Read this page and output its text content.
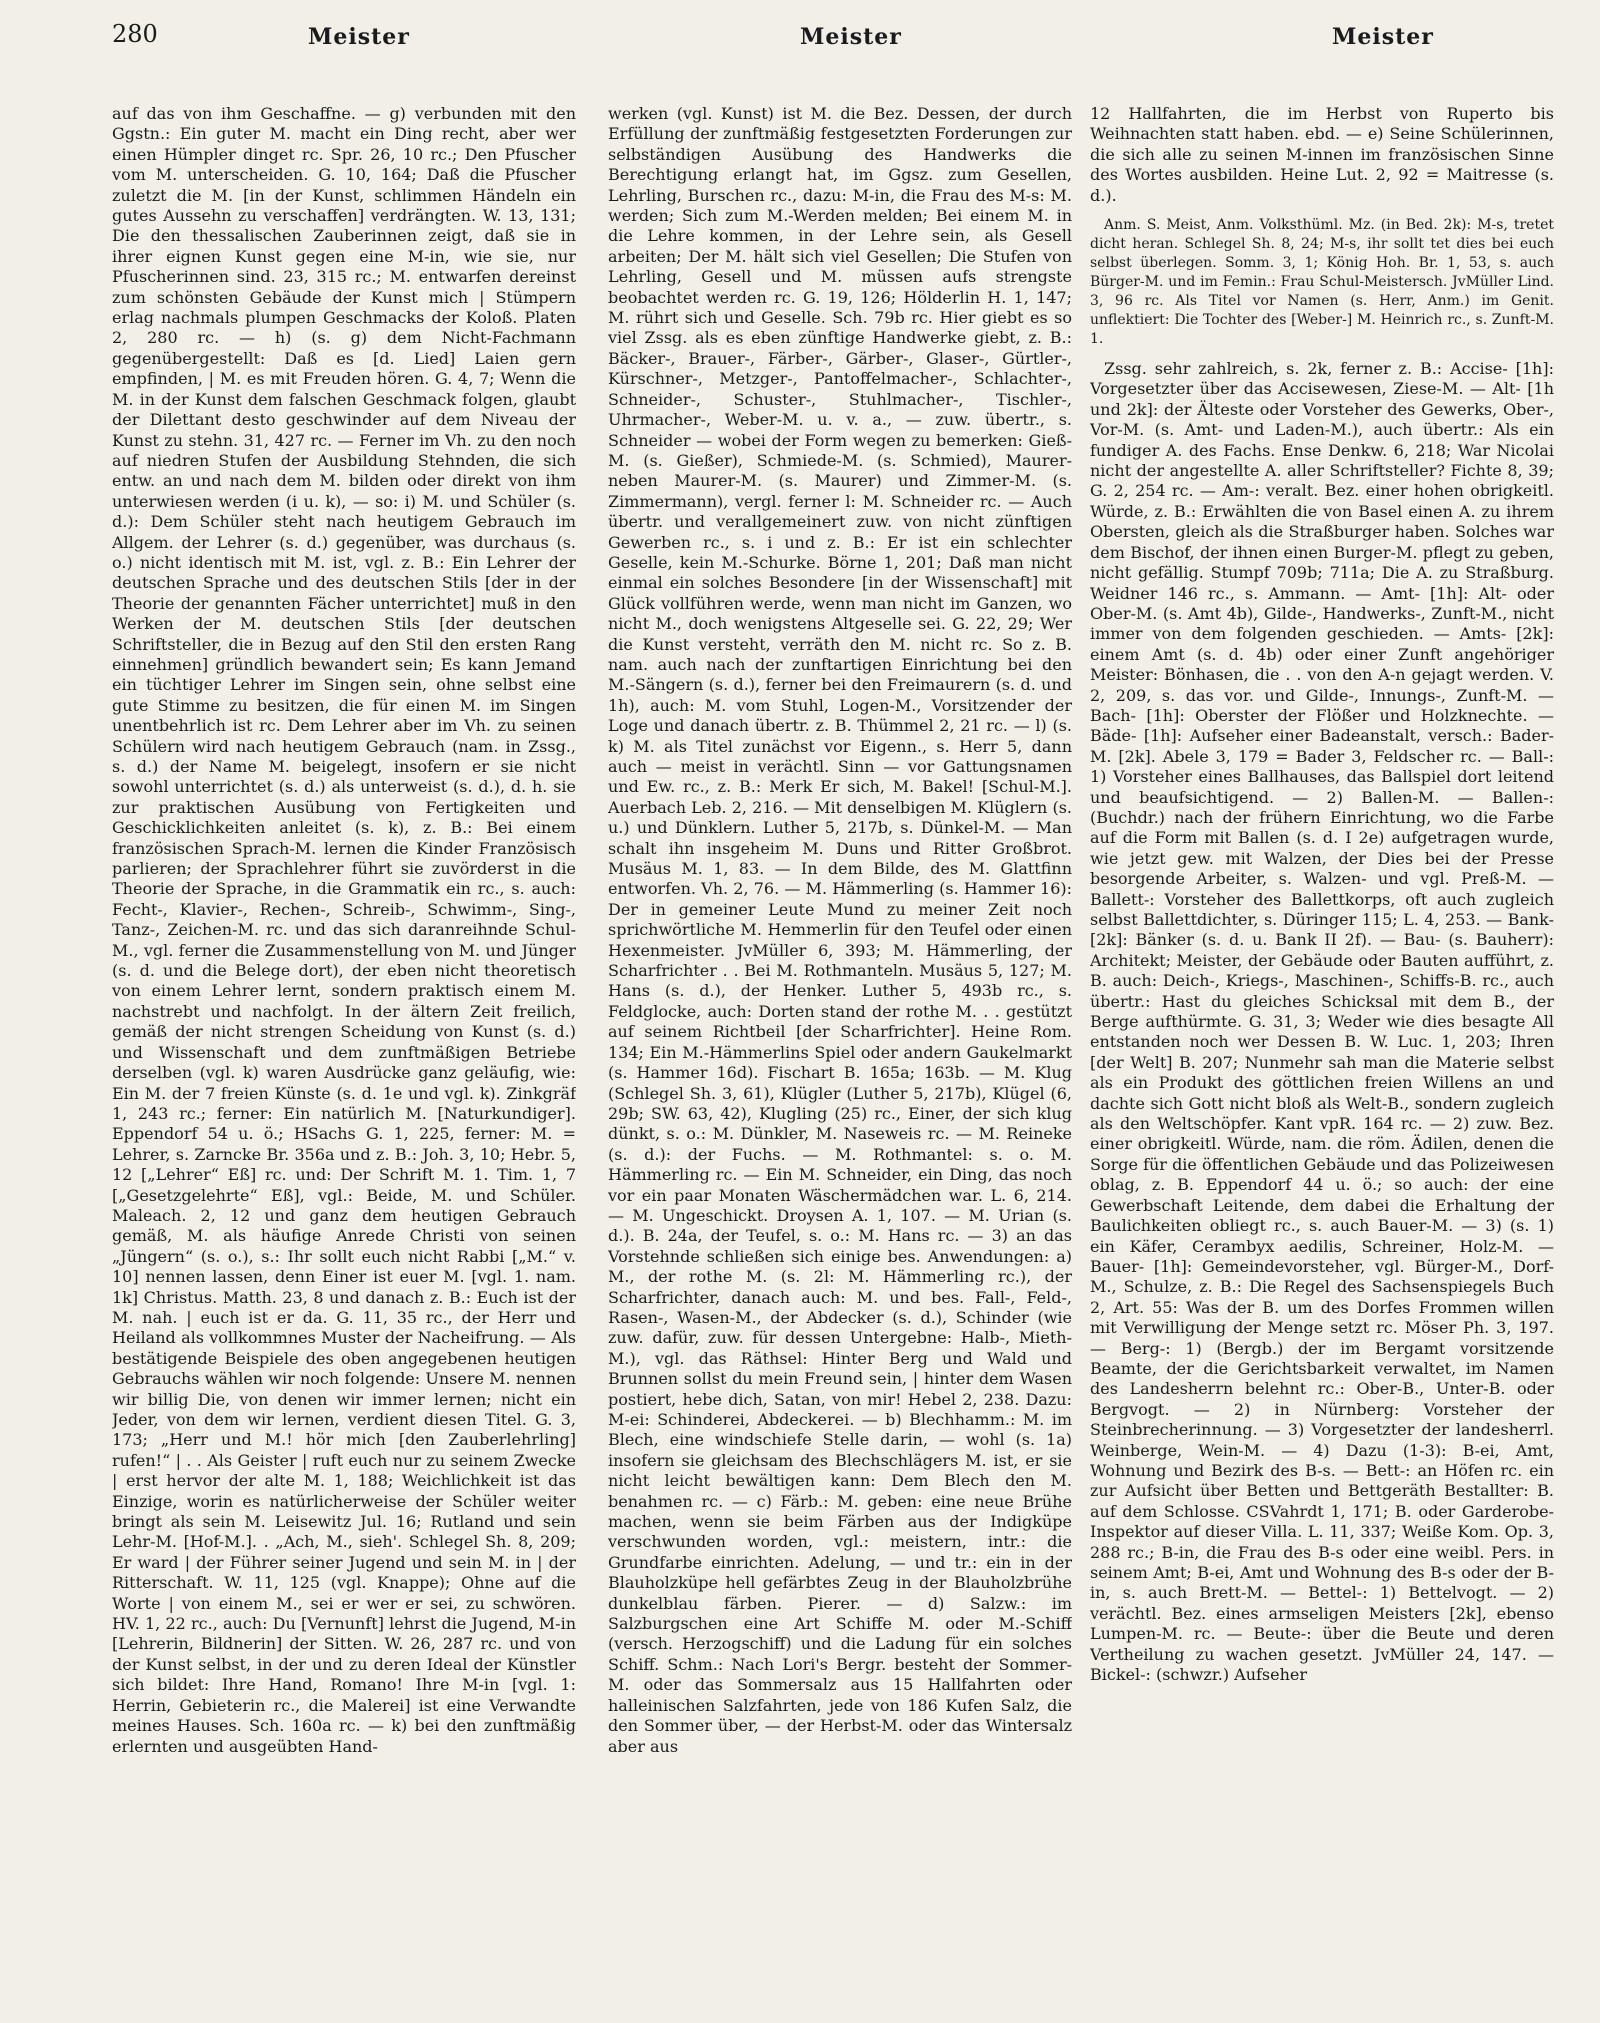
280	Meister	Meister	Meister

auf das von ihm Geschaffne. — g) verbunden mit den Ggstn.: Ein guter M. macht ein Ding recht, aber wer einen Hümpler dinget rc. Spr. 26, 10 rc.; Den Pfuscher vom M. unterscheiden. G. 10, 164; Daß die Pfuscher zuletzt die M. [in der Kunst, schlimmen Händeln ein gutes Aussehn zu verschaffen] verdrängten. W. 13, 131; Die den thessalischen Zauberinnen zeigt, daß sie in ihrer eignen Kunst gegen eine M-in, wie sie, nur Pfuscherinnen sind. 23, 315 rc.; M. entwarfen dereinst zum schönsten Gebäude der Kunst mich | Stümpern erlag nachmals plumpen Geschmacks der Koloß. Platen 2, 280 rc. — h) (s. g) dem Nicht-Fachmann gegenübergestellt: Daß es [d. Lied] Laien gern empfinden, | M. es mit Freuden hören. G. 4, 7; Wenn die M. in der Kunst dem falschen Geschmack folgen, glaubt der Dilettant desto geschwinder auf dem Niveau der Kunst zu stehn. 31, 427 rc. — Ferner im Vh. zu den noch auf niedren Stufen der Ausbildung Stehnden, die sich entw. an und nach dem M. bilden oder direkt von ihm unterwiesen werden (i u. k), — so: i) M. und Schüler (s. d.): Dem Schüler steht nach heutigem Gebrauch im Allgem. der Lehrer (s. d.) gegenüber, was durchaus (s. o.) nicht identisch mit M. ist, vgl. z. B.: Ein Lehrer der deutschen Sprache und des deutschen Stils [der in der Theorie der genannten Fächer unterrichtet] muß in den Werken der M. deutschen Stils [der deutschen Schriftsteller, die in Bezug auf den Stil den ersten Rang einnehmen] gründlich bewandert sein; Es kann Jemand ein tüchtiger Lehrer im Singen sein, ohne selbst eine gute Stimme zu besitzen, die für einen M. im Singen unentbehrlich ist rc. Dem Lehrer aber im Vh. zu seinen Schülern wird nach heutigem Gebrauch (nam. in Zssg., s. d.) der Name M. beigelegt, insofern er sie nicht sowohl unterrichtet (s. d.) als unterweist (s. d.), d. h. sie zur praktischen Ausübung von Fertigkeiten und Geschicklichkeiten anleitet (s. k), z. B.: Bei einem französischen Sprach-M. lernen die Kinder Französisch parlieren; der Sprachlehrer führt sie zuvörderst in die Theorie der Sprache, in die Grammatik ein rc., s. auch: Fecht-, Klavier-, Rechen-, Schreib-, Schwimm-, Sing-, Tanz-, Zeichen-M. rc. und das sich daranreihnde Schul-M., vgl. ferner die Zusammenstellung von M. und Jünger (s. d. und die Belege dort), der eben nicht theoretisch von einem Lehrer lernt, sondern praktisch einem M. nachstrebt und nachfolgt. In der ältern Zeit freilich, gemäß der nicht strengen Scheidung von Kunst (s. d.) und Wissenschaft und dem zunftmäßigen Betriebe derselben (vgl. k) waren Ausdrücke ganz geläufig, wie: Ein M. der 7 freien Künste (s. d. 1e und vgl. k). Zinkgräf 1, 243 rc.; ferner: Ein natürlich M. [Naturkundiger]. Eppendorf 54 u. ö.; HSachs G. 1, 225, ferner: M. = Lehrer, s. Zarncke Br. 356a und z. B.: Joh. 3, 10; Hebr. 5, 12 [„Lehrer“ Eß] rc. und: Der Schrift M. 1. Tim. 1, 7 [„Gesetzgelehrte“ Eß], vgl.: Beide, M. und Schüler. Maleach. 2, 12 und ganz dem heutigen Gebrauch gemäß, M. als häufige Anrede Christi von seinen „Jüngern“ (s. o.), s.: Ihr sollt euch nicht Rabbi [„M.“ v. 10] nennen lassen, denn Einer ist euer M. [vgl. 1. nam. 1k] Christus. Matth. 23, 8 und danach z. B.: Euch ist der M. nah. | euch ist er da. G. 11, 35 rc., der Herr und Heiland als vollkommnes Muster der Nacheifrung. — Als bestätigende Beispiele des oben angegebenen heutigen Gebrauchs wählen wir noch folgende: Unsere M. nennen wir billig Die, von denen wir immer lernen; nicht ein Jeder, von dem wir lernen, verdient diesen Titel. G. 3, 173; „Herr und M.! hör mich [den Zauberlehrling] rufen!“ | . . Als Geister | ruft euch nur zu seinem Zwecke | erst hervor der alte M. 1, 188; Weichlichkeit ist das Einzige, worin es natürlicherweise der Schüler weiter bringt als sein M. Leisewitz Jul. 16; Rutland und sein Lehr-M. [Hof-M.]. . „Ach, M., sieh'. Schlegel Sh. 8, 209; Er ward | der Führer seiner Jugend und sein M. in | der Ritterschaft. W. 11, 125 (vgl. Knappe); Ohne auf die Worte | von einem M., sei er wer er sei, zu schwören. HV. 1, 22 rc., auch: Du [Vernunft] lehrst die Jugend, M-in [Lehrerin, Bildnerin] der Sitten. W. 26, 287 rc. und von der Kunst selbst, in der und zu deren Ideal der Künstler sich bildet: Ihre Hand, Romano! Ihre M-in [vgl. 1: Herrin, Gebieterin rc., die Malerei] ist eine Verwandte meines Hauses. Sch. 160a rc. — k) bei den zunftmäßig erlernten und ausgeübten Hand-

werken (vgl. Kunst) ist M. die Bez. Dessen, der durch Erfüllung der zunftmäßig festgesetzten Forderungen zur selbständigen Ausübung des Handwerks die Berechtigung erlangt hat, im Ggsz. zum Gesellen, Lehrling, Burschen rc., dazu: M-in, die Frau des M-s: M. werden; Sich zum M.-Werden melden; Bei einem M. in die Lehre kommen, in der Lehre sein, als Gesell arbeiten; Der M. hält sich viel Gesellen; Die Stufen von Lehrling, Gesell und M. müssen aufs strengste beobachtet werden rc. G. 19, 126; Hölderlin H. 1, 147; M. rührt sich und Geselle. Sch. 79b rc. Hier giebt es so viel Zssg. als es eben zünftige Handwerke giebt, z. B.: Bäcker-, Brauer-, Färber-, Gärber-, Glaser-, Gürtler-, Kürschner-, Metzger-, Pantoffelmacher-, Schlachter-, Schneider-, Schuster-, Stuhlmacher-, Tischler-, Uhrmacher-, Weber-M. u. v. a., — zuw. übertr., s. Schneider — wobei der Form wegen zu bemerken: Gieß-M. (s. Gießer), Schmiede-M. (s. Schmied), Maurer- neben Maurer-M. (s. Maurer) und Zimmer-M. (s. Zimmermann), vergl. ferner l: M. Schneider rc. — Auch übertr. und verallgemeinert zuw. von nicht zünftigen Gewerben rc., s. i und z. B.: Er ist ein schlechter Geselle, kein M.-Schurke. Börne 1, 201; Daß man nicht einmal ein solches Besondere [in der Wissenschaft] mit Glück vollführen werde, wenn man nicht im Ganzen, wo nicht M., doch wenigstens Altgeselle sei. G. 22, 29; Wer die Kunst versteht, verräth den M. nicht rc. So z. B. nam. auch nach der zunftartigen Einrichtung bei den M.-Sängern (s. d.), ferner bei den Freimaurern (s. d. und 1h), auch: M. vom Stuhl, Logen-M., Vorsitzender der Loge und danach übertr. z. B. Thümmel 2, 21 rc. — l) (s. k) M. als Titel zunächst vor Eigenn., s. Herr 5, dann auch — meist in verächtl. Sinn — vor Gattungsnamen und Ew. rc., z. B.: Merk Er sich, M. Bakel! [Schul-M.]. Auerbach Leb. 2, 216. — Mit denselbigen M. Klüglern (s. u.) und Dünklern. Luther 5, 217b, s. Dünkel-M. — Man schalt ihn insgeheim M. Duns und Ritter Großbrot. Musäus M. 1, 83. — In dem Bilde, des M. Glattfinn entworfen. Vh. 2, 76. — M. Hämmerling (s. Hammer 16): Der in gemeiner Leute Mund zu meiner Zeit noch sprichwörtliche M. Hemmerlin für den Teufel oder einen Hexenmeister. JvMüller 6, 393; M. Hämmerling, der Scharfrichter . . Bei M. Rothmanteln. Musäus 5, 127; M. Hans (s. d.), der Henker. Luther 5, 493b rc., s. Feldglocke, auch: Dorten stand der rothe M. . . gestützt auf seinem Richtbeil [der Scharfrichter]. Heine Rom. 134; Ein M.-Hämmerlins Spiel oder andern Gaukelmarkt (s. Hammer 16d). Fischart B. 165a; 163b. — M. Klug (Schlegel Sh. 3, 61), Klügler (Luther 5, 217b), Klügel (6, 29b; SW. 63, 42), Klugling (25) rc., Einer, der sich klug dünkt, s. o.: M. Dünkler, M. Naseweis rc. — M. Reineke (s. d.): der Fuchs. — M. Rothmantel: s. o. M. Hämmerling rc. — Ein M. Schneider, ein Ding, das noch vor ein paar Monaten Wäschermädchen war. L. 6, 214. — M. Ungeschickt. Droysen A. 1, 107. — M. Urian (s. d.). B. 24a, der Teufel, s. o.: M. Hans rc. — 3) an das Vorstehnde schließen sich einige bes. Anwendungen: a) M., der rothe M. (s. 2l: M. Hämmerling rc.), der Scharfrichter, danach auch: M. und bes. Fall-, Feld-, Rasen-, Wasen-M., der Abdecker (s. d.), Schinder (wie zuw. dafür, zuw. für dessen Untergebne: Halb-, Mieth-M.), vgl. das Räthsel: Hinter Berg und Wald und Brunnen sollst du mein Freund sein, | hinter dem Wasen postiert, hebe dich, Satan, von mir! Hebel 2, 238. Dazu: M-ei: Schinderei, Abdeckerei. — b) Blechhamm.: M. im Blech, eine windschiefe Stelle darin, — wohl (s. 1a) insofern sie gleichsam des Blechschlägers M. ist, er sie nicht leicht bewältigen kann: Dem Blech den M. benahmen rc. — c) Färb.: M. geben: eine neue Brühe machen, wenn sie beim Färben aus der Indigküpe verschwunden worden, vgl.: meistern, intr.: die Grundfarbe einrichten. Adelung, — und tr.: ein in der Blauholzküpe hell gefärbtes Zeug in der Blauholzbrühe dunkelblau färben. Pierer. — d) Salzw.: im Salzburgschen eine Art Schiffe M. oder M.-Schiff (versch. Herzogschiff) und die Ladung für ein solches Schiff. Schm.: Nach Lori's Bergr. besteht der Sommer-M. oder das Sommersalz aus 15 Hallfahrten oder halleinischen Salzfahrten, jede von 186 Kufen Salz, die den Sommer über, — der Herbst-M. oder das Wintersalz aber aus

12 Hallfahrten, die im Herbst von Ruperto bis Weihnachten statt haben. ebd. — e) Seine Schülerinnen, die sich alle zu seinen M-innen im französischen Sinne des Wortes ausbilden. Heine Lut. 2, 92 = Maitresse (s. d.).

Anm. S. Meist, Anm. Volksthüml. Mz. (in Bed. 2k): M-s, tretet dicht heran. Schlegel Sh. 8, 24; M-s, ihr sollt tet dies bei euch selbst überlegen. Somm. 3, 1; König Hoh. Br. 1, 53, s. auch Bürger-M. und im Femin.: Frau Schul-Meistersch. JvMüller Lind. 3, 96 rc. Als Titel vor Namen (s. Herr, Anm.) im Genit. unflektiert: Die Tochter des [Weber-] M. Heinrich rc., s. Zunft-M. 1.

Zssg. sehr zahlreich, s. 2k, ferner z. B.: Accise- [1h]: Vorgesetzter über das Accisewesen, Ziese-M. — Alt- [1h und 2k]: der Älteste oder Vorsteher des Gewerks, Ober-, Vor-M. (s. Amt- und Laden-M.), auch übertr.: Als ein fundiger A. des Fachs. Ense Denkw. 6, 218; War Nicolai nicht der angestellte A. aller Schriftsteller? Fichte 8, 39; G. 2, 254 rc. — Am-: veralt. Bez. einer hohen obrigkeitl. Würde, z. B.: Erwählten die von Basel einen A. zu ihrem Obersten, gleich als die Straßburger haben. Solches war dem Bischof, der ihnen einen Burger-M. pflegt zu geben, nicht gefällig. Stumpf 709b; 711a; Die A. zu Straßburg. Weidner 146 rc., s. Ammann. — Amt- [1h]: Alt- oder Ober-M. (s. Amt 4b), Gilde-, Handwerks-, Zunft-M., nicht immer von dem folgenden geschieden. — Amts- [2k]: einem Amt (s. d. 4b) oder einer Zunft angehöriger Meister: Bönhasen, die . . von den A-n gejagt werden. V. 2, 209, s. das vor. und Gilde-, Innungs-, Zunft-M. — Bach- [1h]: Oberster der Flößer und Holzknechte. — Bäde- [1h]: Aufseher einer Badeanstalt, versch.: Bader-M. [2k]. Abele 3, 179 = Bader 3, Feldscher rc. — Ball-: 1) Vorsteher eines Ballhauses, das Ballspiel dort leitend und beaufsichtigend. — 2) Ballen-M. — Ballen-: (Buchdr.) nach der frühern Einrichtung, wo die Farbe auf die Form mit Ballen (s. d. I 2e) aufgetragen wurde, wie jetzt gew. mit Walzen, der Dies bei der Presse besorgende Arbeiter, s. Walzen- und vgl. Preß-M. — Ballett-: Vorsteher des Ballettkorps, oft auch zugleich selbst Ballettdichter, s. Düringer 115; L. 4, 253. — Bank- [2k]: Bänker (s. d. u. Bank II 2f). — Bau- (s. Bauherr): Architekt; Meister, der Gebäude oder Bauten aufführt, z. B. auch: Deich-, Kriegs-, Maschinen-, Schiffs-B. rc., auch übertr.: Hast du gleiches Schicksal mit dem B., der Berge aufthürmte. G. 31, 3; Weder wie dies besagte All entstanden noch wer Dessen B. W. Luc. 1, 203; Ihren [der Welt] B. 207; Nunmehr sah man die Materie selbst als ein Produkt des göttlichen freien Willens an und dachte sich Gott nicht bloß als Welt-B., sondern zugleich als den Weltschöpfer. Kant vpR. 164 rc. — 2) zuw. Bez. einer obrigkeitl. Würde, nam. die röm. Ädilen, denen die Sorge für die öffentlichen Gebäude und das Polizeiwesen oblag, z. B. Eppendorf 44 u. ö.; so auch: der eine Gewerbschaft Leitende, dem dabei die Erhaltung der Baulichkeiten obliegt rc., s. auch Bauer-M. — 3) (s. 1) ein Käfer, Cerambyx aedilis, Schreiner, Holz-M. — Bauer- [1h]: Gemeindevorsteher, vgl. Bürger-M., Dorf-M., Schulze, z. B.: Die Regel des Sachsenspiegels Buch 2, Art. 55: Was der B. um des Dorfes Frommen willen mit Verwilligung der Menge setzt rc. Möser Ph. 3, 197. — Berg-: 1) (Bergb.) der im Bergamt vorsitzende Beamte, der die Gerichtsbarkeit verwaltet, im Namen des Landesherrn belehnt rc.: Ober-B., Unter-B. oder Bergvogt. — 2) in Nürnberg: Vorsteher der Steinbrecherinnung. — 3) Vorgesetzter der landesherrl. Weinberge, Wein-M. — 4) Dazu (1-3): B-ei, Amt, Wohnung und Bezirk des B-s. — Bett-: an Höfen rc. ein zur Aufsicht über Betten und Bettgeräth Bestallter: B. auf dem Schlosse. CSVahrdt 1, 171; B. oder Garderobe-Inspektor auf dieser Villa. L. 11, 337; Weiße Kom. Op. 3, 288 rc.; B-in, die Frau des B-s oder eine weibl. Pers. in seinem Amt; B-ei, Amt und Wohnung des B-s oder der B-in, s. auch Brett-M. — Bettel-: 1) Bettelvogt. — 2) verächtl. Bez. eines armseligen Meisters [2k], ebenso Lumpen-M. rc. — Beute-: über die Beute und deren Vertheilung zu wachen gesetzt. JvMüller 24, 147. — Bickel-: (schwzr.) Aufseher
